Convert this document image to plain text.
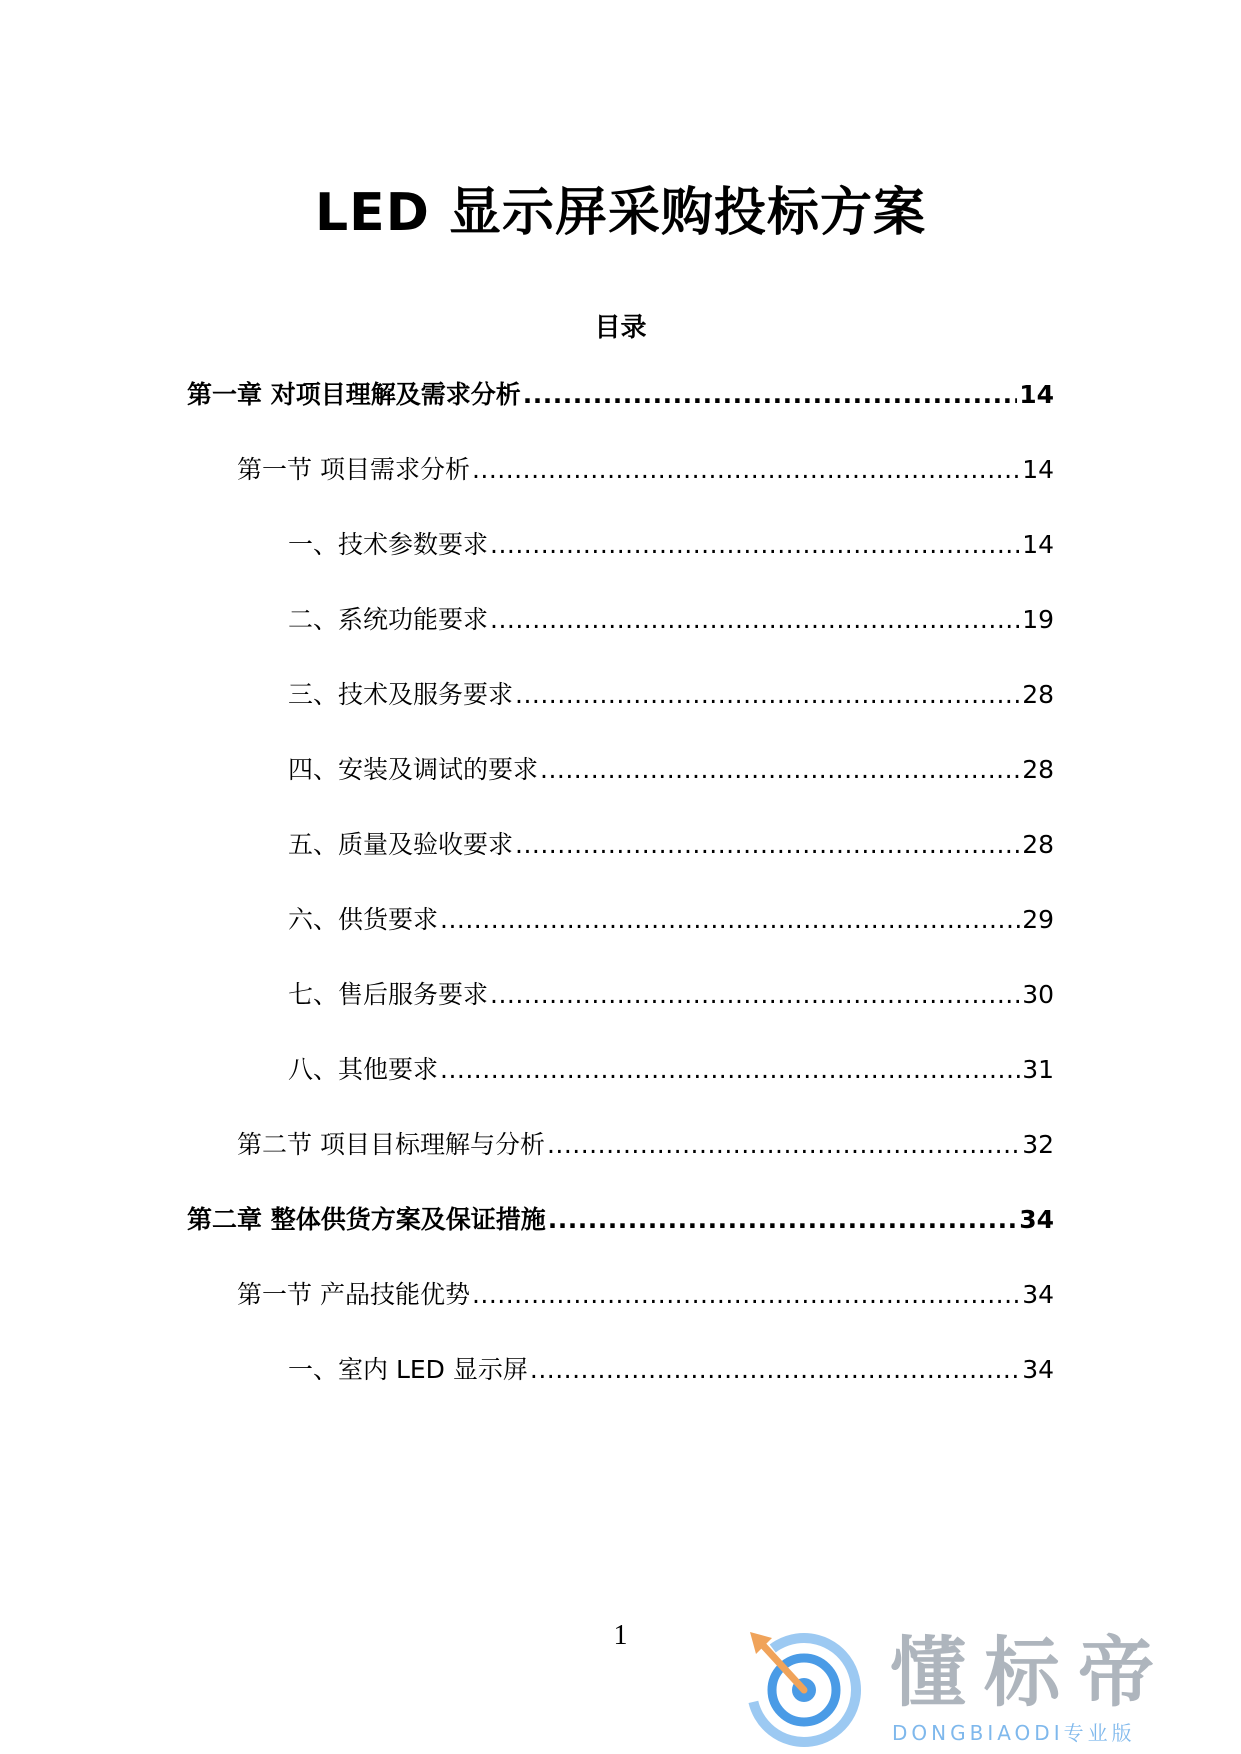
LED 显示屏采购投标方案
目录
第一章 对项目理解及需求分析 .....	14
第一节 项目需求分析 .....	14
一、技术参数要求 .....	14
二、系统功能要求 .....	19
三、技术及服务要求 .....	28
四、安装及调试的要求 .....	28
五、质量及验收要求 .....	28
六、供货要求 .....	29
七、售后服务要求 .....	30
八、其他要求 .....	31
第二节 项目目标理解与分析 .....	32
第二章 整体供货方案及保证措施 .....	34
第一节 产品技能优势 .....	34
一、室内 LED 显示屏 .....	34
1	懂标帝
DONGBIAODI专业版
